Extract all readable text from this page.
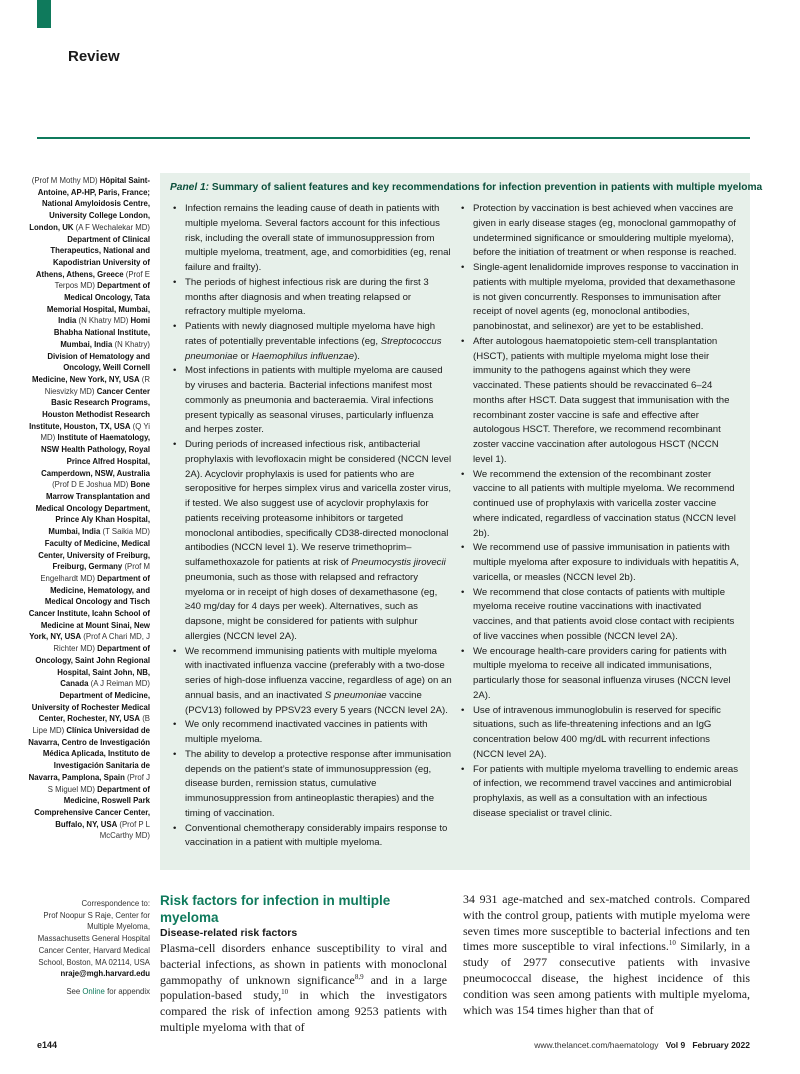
Review
(Prof M Mothy MD) Hôpital Saint-Antoine, AP-HP, Paris, France; National Amyloidosis Centre, University College London, London, UK (A F Wechalekar MD) Department of Clinical Therapeutics, National and Kapodistrian University of Athens, Athens, Greece (Prof E Terpos MD) Department of Medical Oncology, Tata Memorial Hospital, Mumbai, India (N Khatry MD) Homi Bhabha National Institute, Mumbai, India (N Khatry) Division of Hematology and Oncology, Weill Cornell Medicine, New York, NY, USA (R Niesvizky MD) Cancer Center Basic Research Programs, Houston Methodist Research Institute, Houston, TX, USA (Q Yi MD) Institute of Haematology, NSW Health Pathology, Royal Prince Alfred Hospital, Camperdown, NSW, Australia (Prof D E Joshua MD) Bone Marrow Transplantation and Medical Oncology Department, Prince Aly Khan Hospital, Mumbai, India (T Saikia MD) Faculty of Medicine, Medical Center, University of Freiburg, Freiburg, Germany (Prof M Engelhardt MD) Department of Medicine, Hematology, and Medical Oncology and Tisch Cancer Institute, Icahn School of Medicine at Mount Sinai, New York, NY, USA (Prof A Chari MD, J Richter MD) Department of Oncology, Saint John Regional Hospital, Saint John, NB, Canada (A J Reiman MD) Department of Medicine, University of Rochester Medical Center, Rochester, NY, USA (B Lipe MD) Clínica Universidad de Navarra, Centro de Investigación Médica Aplicada, Instituto de Investigación Sanitaria de Navarra, Pamplona, Spain (Prof J S Miguel MD) Department of Medicine, Roswell Park Comprehensive Cancer Center, Buffalo, NY, USA (Prof P L McCarthy MD)
Correspondence to:
Prof Noopur S Raje, Center for Multiple Myeloma,
Massachusetts General Hospital Cancer Center, Harvard Medical School, Boston, MA 02114, USA
nraje@mgh.harvard.edu
See Online for appendix
Panel 1: Summary of salient features and key recommendations for infection prevention in patients with multiple myeloma
• Infection remains the leading cause of death in patients with multiple myeloma. Several factors account for this infectious risk, including the overall state of immunosuppression from multiple myeloma, treatment, age, and comorbidities (eg, renal failure and frailty).
• The periods of highest infectious risk are during the first 3 months after diagnosis and when treating relapsed or refractory multiple myeloma.
• Patients with newly diagnosed multiple myeloma have high rates of potentially preventable infections (eg, Streptococcus pneumoniae or Haemophilus influenzae).
• Most infections in patients with multiple myeloma are caused by viruses and bacteria. Bacterial infections manifest most commonly as pneumonia and bacteraemia. Viral infections present typically as seasonal viruses, particularly influenza and herpes zoster.
• During periods of increased infectious risk, antibacterial prophylaxis with levofloxacin might be considered (NCCN level 2A). Acyclovir prophylaxis is used for patients who are seropositive for herpes simplex virus and varicella zoster virus, if tested. We also suggest use of acyclovir prophylaxis for patients receiving proteasome inhibitors or targeted monoclonal antibodies, specifically CD38-directed monoclonal antibodies (NCCN level 1). We reserve trimethoprim–sulfamethoxazole for patients at risk of Pneumocystis jirovecii pneumonia, such as those with relapsed and refractory myeloma or in receipt of high doses of dexamethasone (eg, ≥40 mg/day for 4 days per week). Alternatives, such as dapsone, might be considered for patients with sulphur allergies (NCCN level 2A).
• We recommend immunising patients with multiple myeloma with inactivated influenza vaccine (preferably with a two-dose series of high-dose influenza vaccine, regardless of age) on an annual basis, and an inactivated S pneumoniae vaccine (PCV13) followed by PPSV23 every 5 years (NCCN level 2A).
• We only recommend inactivated vaccines in patients with multiple myeloma.
• The ability to develop a protective response after immunisation depends on the patient’s state of immunosuppression (eg, disease burden, remission status, cumulative immunosuppression from antineoplastic therapies) and the timing of vaccination.
• Conventional chemotherapy considerably impairs response to vaccination in a patient with multiple myeloma.
• Protection by vaccination is best achieved when vaccines are given in early disease stages (eg, monoclonal gammopathy of undetermined significance or smouldering multiple myeloma), before the initiation of treatment or when response is reached.
• Single-agent lenalidomide improves response to vaccination in patients with multiple myeloma, provided that dexamethasone is not given concurrently. Responses to immunisation after receipt of novel agents (eg, monoclonal antibodies, panobinostat, and selinexor) are yet to be established.
• After autologous haematopoietic stem-cell transplantation (HSCT), patients with multiple myeloma might lose their immunity to the pathogens against which they were vaccinated. These patients should be revaccinated 6–24 months after HSCT. Data suggest that immunisation with the recombinant zoster vaccine is safe and effective after autologous HSCT. Therefore, we recommend recombinant zoster vaccine vaccination after autologous HSCT (NCCN level 1).
• We recommend the extension of the recombinant zoster vaccine to all patients with multiple myeloma. We recommend continued use of prophylaxis with varicella zoster vaccine where indicated, regardless of vaccination status (NCCN level 2b).
• We recommend use of passive immunisation in patients with multiple myeloma after exposure to individuals with hepatitis A, varicella, or measles (NCCN level 2b).
• We recommend that close contacts of patients with multiple myeloma receive routine vaccinations with inactivated vaccines, and that patients avoid close contact with recipients of live vaccines when possible (NCCN level 2A).
• We encourage health-care providers caring for patients with multiple myeloma to receive all indicated immunisations, particularly those for seasonal influenza viruses (NCCN level 2A).
• Use of intravenous immunoglobulin is reserved for specific situations, such as life-threatening infections and an IgG concentration below 400 mg/dL with recurrent infections (NCCN level 2A).
• For patients with multiple myeloma travelling to endemic areas of infection, we recommend travel vaccines and antimicrobial prophylaxis, as well as a consultation with an infectious disease specialist or travel clinic.
Risk factors for infection in multiple myeloma
Disease-related risk factors

Plasma-cell disorders enhance susceptibility to viral and bacterial infections, as shown in patients with monoclonal gammopathy of unknown significance$^{8,9}$ and in a large population-based study,$^{10}$ in which the investigators compared the risk of infection among 9253 patients with multiple myeloma with that of

34 931 age-matched and sex-matched controls. Compared with the control group, patients with mutiple myeloma were seven times more susceptible to bacterial infections and ten times more susceptible to viral infections.$^{10}$ Similarly, in a study of 2977 consecutive patients with invasive pneumococcal disease, the highest incidence of this condition was seen among patients with multiple myeloma, which was 154 times higher than that of

e144	www.thelancet.com/haematology Vol 9 February 2022
